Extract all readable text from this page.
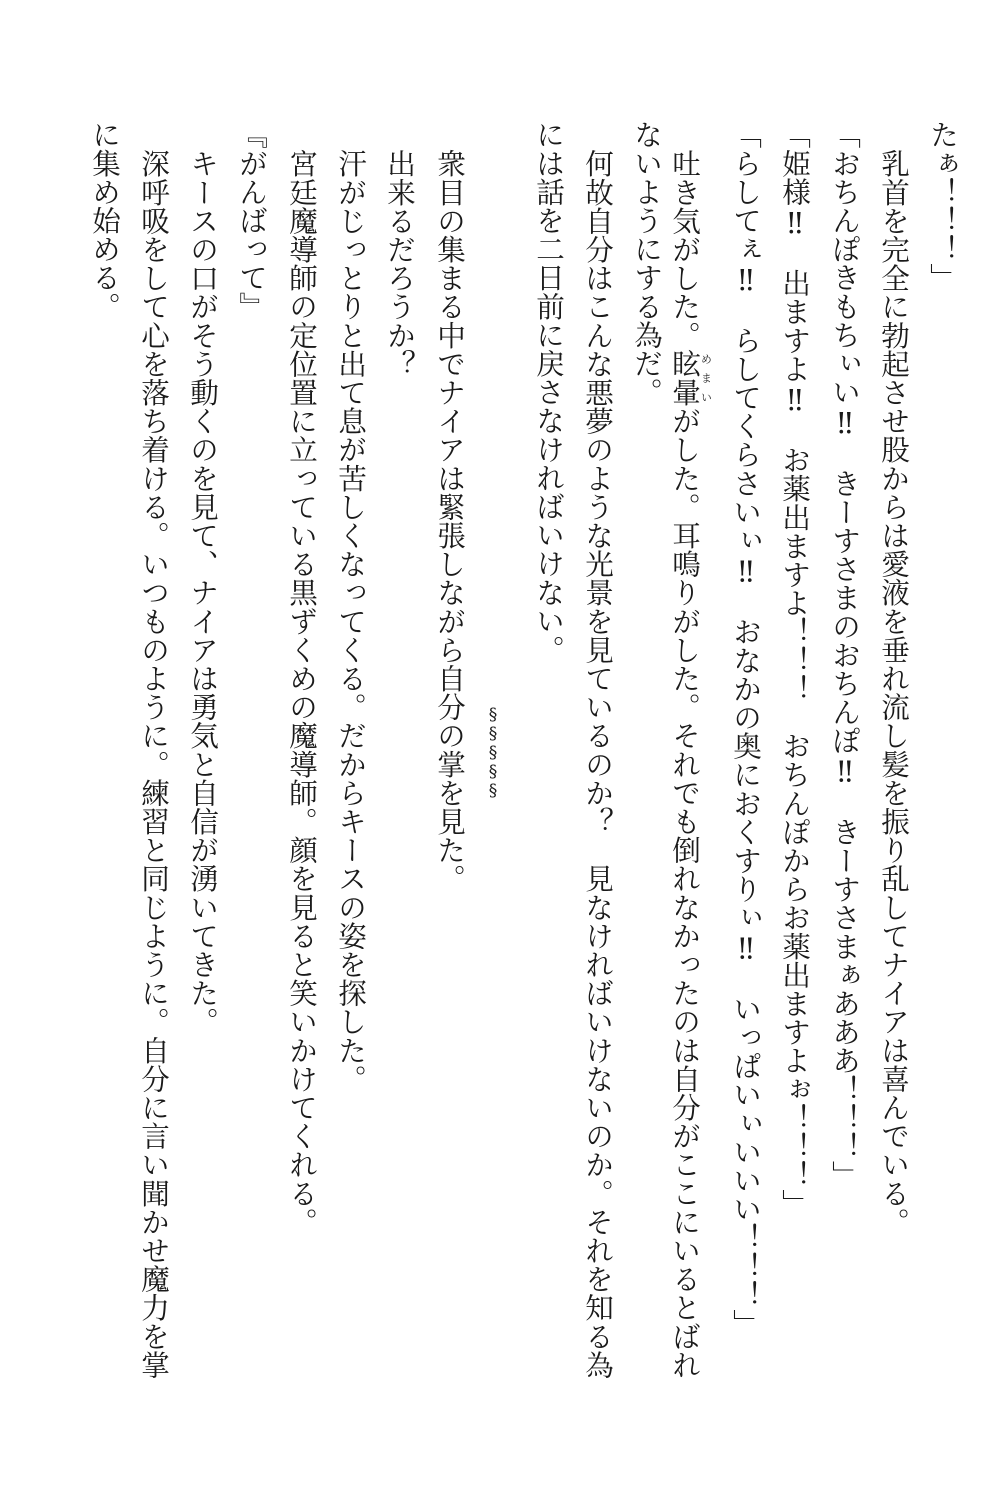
たぁ！！！」
乳首を完全に勃起させ股からは愛液を垂れ流し髪を振り乱してナイアは喜んでいる。
「おちんぽきもちぃい‼　きーすさまのおちんぽ‼　きーすさまぁあああ！！！」
「姫様‼　出ますよ‼　お薬出ますよ！！！　おちんぽからお薬出ますよぉ！！！」
「らしてぇ‼　らしてくらさいぃ‼　おなかの奥におくすりぃ‼　いっぱいぃいいい！！！」
吐き気がした。眩暈めまいがした。耳鳴りがした。それでも倒れなかったのは自分がここにいるとばれ
ないようにする為だ。
何故自分はこんな悪夢のような光景を見ているのか？　見なければいけないのか。それを知る為
には話を二日前に戻さなければいけない。
§§§§§
衆目の集まる中でナイアは緊張しながら自分の掌を見た。
出来るだろうか？
汗がじっとりと出て息が苦しくなってくる。だからキースの姿を探した。
宮廷魔導師の定位置に立っている黒ずくめの魔導師。顔を見ると笑いかけてくれる。
『がんばって』
キースの口がそう動くのを見て、ナイアは勇気と自信が湧いてきた。
深呼吸をして心を落ち着ける。いつものように。練習と同じように。自分に言い聞かせ魔力を掌
に集め始める。
